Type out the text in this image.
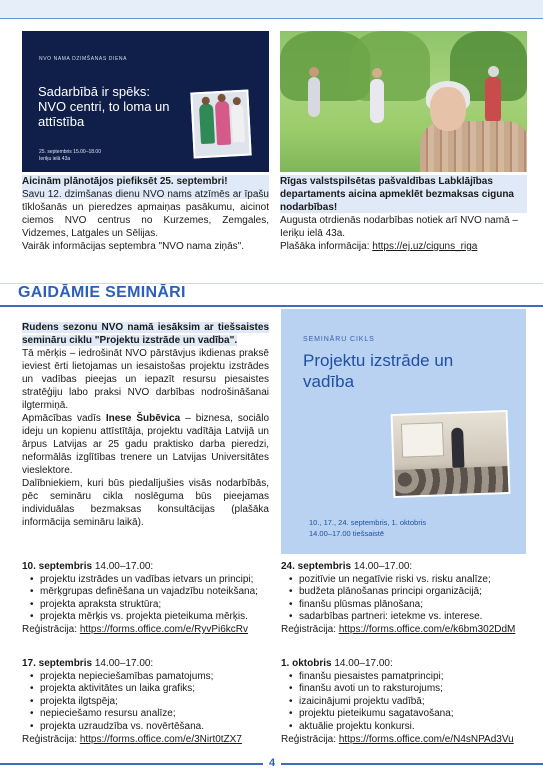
NVO NAMA DZIMŠANAS DIENA
Sadarbībā ir spēks: NVO centri, to loma un attīstība
25. septembris 15.00–18.00
Ieriķu ielā 43a

Aicinām plānotājos piefiksēt 25. septembri!

Savu 12. dzimšanas dienu NVO nams atzīmēs ar īpašu tīklošanās un pieredzes apmaiņas pasākumu, aicinot ciemos NVO centrus no Kurzemes, Zemgales, Vidzemes, Latgales un Sēlijas.

Vairāk informācijas septembra "NVO nama ziņās".

Rīgas valstspilsētas pašvaldības Labklājības departaments aicina apmeklēt bezmaksas ciguna nodarbības!

Augusta otrdienās nodarbības notiek arī NVO namā – Ieriķu ielā 43a.

Plašāka informācija: https://ej.uz/ciguns_riga

GAIDĀMIE SEMINĀRI

Rudens sezonu NVO namā iesāksim ar tiešsaistes semināru ciklu "Projektu izstrāde un vadība".

Tā mērķis – iedrošināt NVO pārstāvjus ikdienas praksē ieviest ērti lietojamas un iesaistošas projektu izstrādes un vadības pieejas un iepazīt resursu piesaistes stratēģiju labo praksi NVO darbības nodrošināšanai ilgtermiņā.

Apmācības vadīs Inese Šubēvica – biznesa, sociālo ideju un kopienu attīstītāja, projektu vadītāja Latvijā un ārpus Latvijas ar 25 gadu praktisko darba pieredzi, neformālās izglītības trenere un Latvijas Universitātes vieslektore.

Dalībniekiem, kuri būs piedalījušies visās nodarbībās, pēc semināru cikla noslēguma būs pieejamas individuālas bezmaksas konsultācijas (plašāka informācija semināru laikā).

SEMINĀRU CIKLS
Projektu izstrāde un vadība
10., 17., 24. septembris, 1. oktobris
14.00–17.00 tiešsaistē
10. septembris 14.00–17.00:
• projektu izstrādes un vadības ietvars un principi;
• mērķgrupas definēšana un vajadzību noteikšana;
• projekta apraksta struktūra;
• projekta mērķis vs. projekta pieteikuma mērķis.
Reģistrācija: https://forms.office.com/e/RyvPi6kcRv
24. septembris 14.00–17.00:
• pozitīvie un negatīvie riski vs. risku analīze;
• budžeta plānošanas principi organizācijā;
• finanšu plūsmas plānošana;
• sadarbības partneri: ietekme vs. interese.
Reģistrācija: https://forms.office.com/e/k6bm302DdM
17. septembris 14.00–17.00:
• projekta nepieciešamības pamatojums;
• projekta aktivitātes un laika grafiks;
• projekta ilgtspēja;
• nepieciešamo resursu analīze;
• projekta uzraudzība vs. novērtēšana.
Reģistrācija: https://forms.office.com/e/3Nirt0tZX7
1. oktobris 14.00–17.00:
• finanšu piesaistes pamatprincipi;
• finanšu avoti un to raksturojums;
• izaicinājumi projektu vadībā;
• projektu pieteikumu sagatavošana;
• aktuālie projektu konkursi.
Reģistrācija: https://forms.office.com/e/N4sNPAd3Vu
4
